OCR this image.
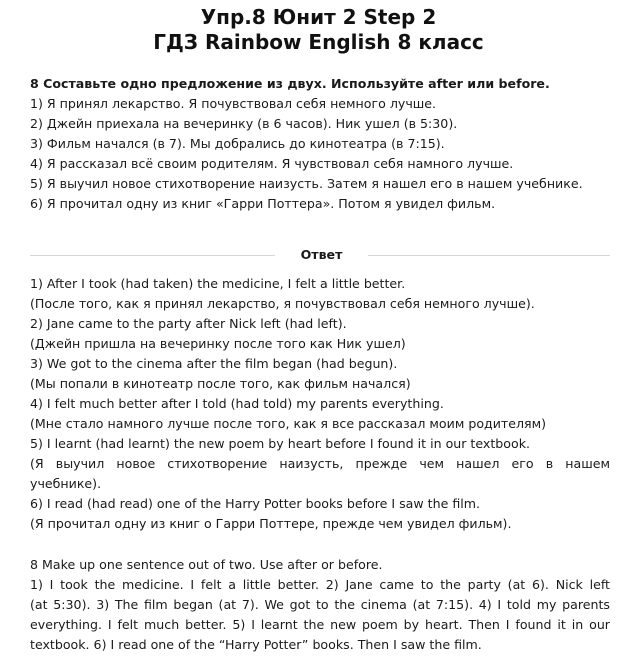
Упр.8 Юнит 2 Step 2
ГДЗ Rainbow English 8 класс
8 Составьте одно предложение из двух. Используйте after или before.
1) Я принял лекарство. Я почувствовал себя немного лучше.
2) Джейн приехала на вечеринку (в 6 часов). Ник ушел (в 5:30).
3) Фильм начался (в 7). Мы добрались до кинотеатра (в 7:15).
4) Я рассказал всё своим родителям. Я чувствовал себя намного лучше.
5) Я выучил новое стихотворение наизусть. Затем я нашел его в нашем учебнике.
6) Я прочитал одну из книг «Гарри Поттера». Потом я увидел фильм.
Ответ
1) After I took (had taken) the medicine, I felt a little better.
(После того, как я принял лекарство, я почувствовал себя немного лучше).
2) Jane came to the party after Nick left (had left).
(Джейн пришла на вечеринку после того как Ник ушел)
3) We got to the cinema after the film began (had begun).
(Мы попали в кинотеатр после того, как фильм начался)
4) I felt much better after I told (had told) my parents everything.
(Мне стало намного лучше после того, как я все рассказал моим родителям)
5) I learnt (had learnt) the new poem by heart before I found it in our textbook.
(Я выучил новое стихотворение наизусть, прежде чем нашел его в нашем
учебнике).
6) I read (had read) one of the Harry Potter books before I saw the film.
(Я прочитал одну из книг о Гарри Поттере, прежде чем увидел фильм).
8 Make up one sentence out of two. Use after or before.
1) I took the medicine. I felt a little better. 2) Jane came to the party (at 6). Nick left
(at 5:30). 3) The film began (at 7). We got to the cinema (at 7:15). 4) I told my parents
everything. I felt much better. 5) I learnt the new poem by heart. Then I found it in our
textbook. 6) I read one of the “Harry Potter” books. Then I saw the film.
